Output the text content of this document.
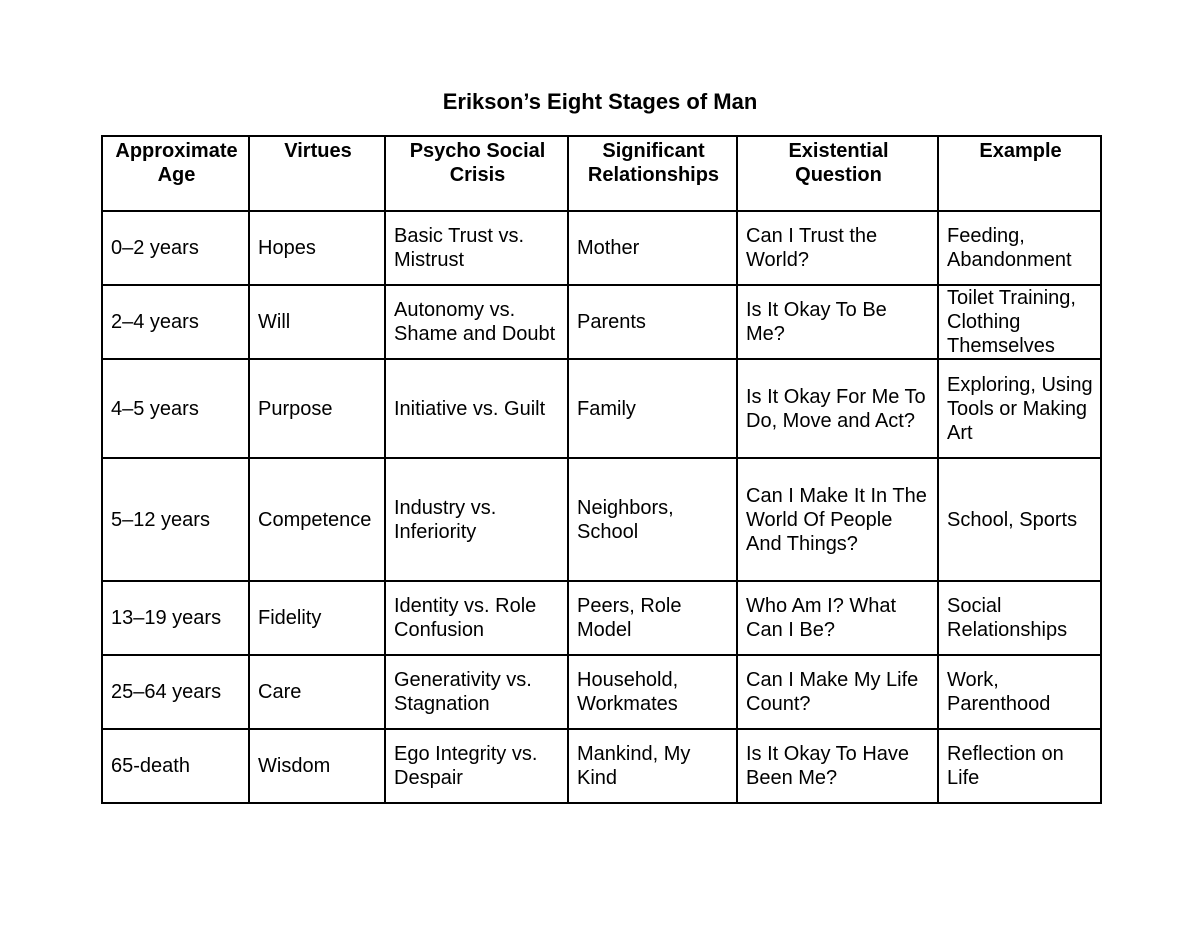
Erikson’s Eight Stages of Man
Approximate Age	Virtues	Psycho Social Crisis	Significant Relationships	Existential Question	Example
0–2 years	Hopes	Basic Trust vs. Mistrust	Mother	Can I Trust the World?	Feeding, Abandonment
2–4 years	Will	Autonomy vs. Shame and Doubt	Parents	Is It Okay To Be Me?	Toilet Training, Clothing Themselves
4–5 years	Purpose	Initiative vs. Guilt	Family	Is It Okay For Me To Do, Move and Act?	Exploring, Using Tools or Making Art
5–12 years	Competence	Industry vs. Inferiority	Neighbors, School	Can I Make It In The World Of People And Things?	School, Sports
13–19 years	Fidelity	Identity vs. Role Confusion	Peers, Role Model	Who Am I? What Can I Be?	Social Relationships
25–64 years	Care	Generativity vs. Stagnation	Household, Workmates	Can I Make My Life Count?	Work, Parenthood
65-death	Wisdom	Ego Integrity vs. Despair	Mankind, My Kind	Is It Okay To Have Been Me?	Reflection on Life
